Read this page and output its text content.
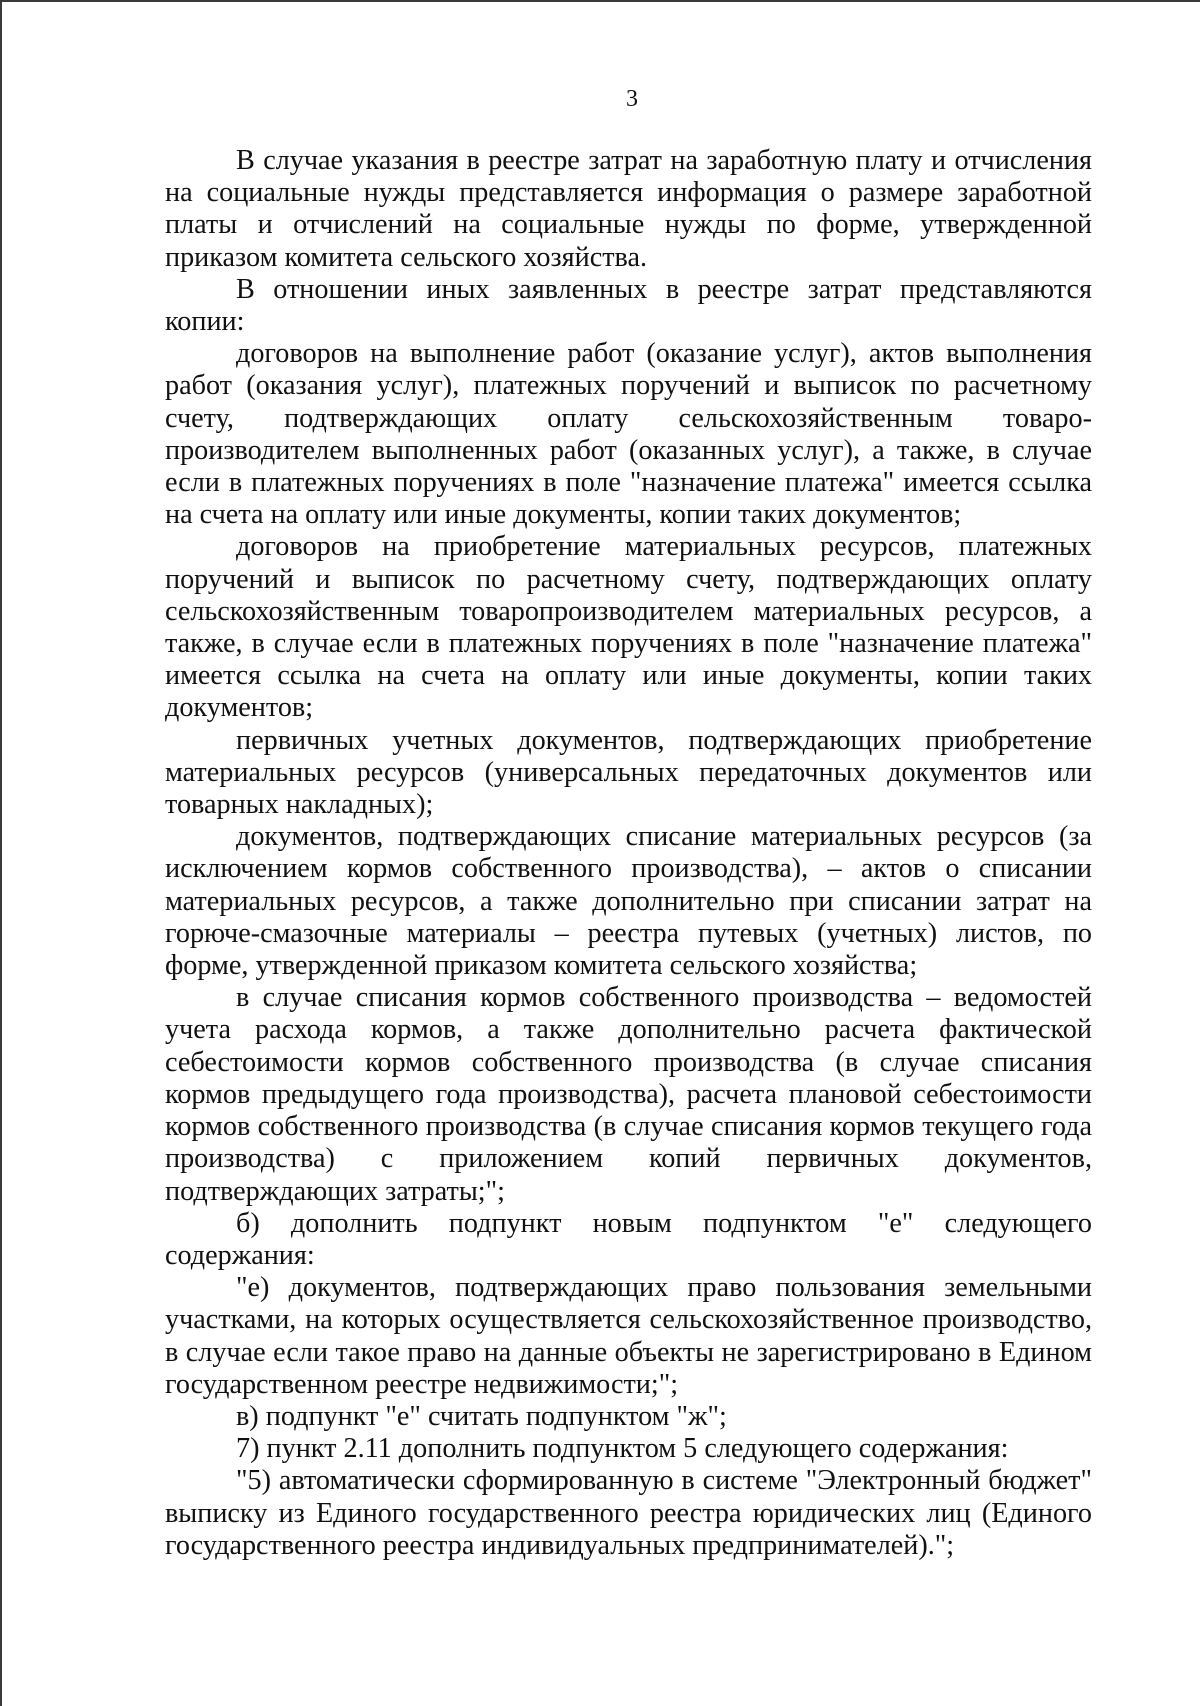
3

В случае указания в реестре затрат на заработную плату и отчисления на социальные нужды представляется информация о размере заработной платы и отчислений на социальные нужды по форме, утвержденной приказом комитета сельского хозяйства.

В отношении иных заявленных в реестре затрат представляются копии:

договоров на выполнение работ (оказание услуг), актов выполнения работ (оказания услуг), платежных поручений и выписок по расчетному счету, подтверждающих оплату сельскохозяйственным товаро-производителем выполненных работ (оказанных услуг), а также, в случае если в платежных поручениях в поле "назначение платежа" имеется ссылка на счета на оплату или иные документы, копии таких документов;

договоров на приобретение материальных ресурсов, платежных поручений и выписок по расчетному счету, подтверждающих оплату сельскохозяйственным товаропроизводителем материальных ресурсов, а также, в случае если в платежных поручениях в поле "назначение платежа" имеется ссылка на счета на оплату или иные документы, копии таких документов;

первичных учетных документов, подтверждающих приобретение материальных ресурсов (универсальных передаточных документов или товарных накладных);

документов, подтверждающих списание материальных ресурсов (за исключением кормов собственного производства), – актов о списании материальных ресурсов, а также дополнительно при списании затрат на горюче-смазочные материалы – реестра путевых (учетных) листов, по форме, утвержденной приказом комитета сельского хозяйства;

в случае списания кормов собственного производства – ведомостей учета расхода кормов, а также дополнительно расчета фактической себестоимости кормов собственного производства (в случае списания кормов предыдущего года производства), расчета плановой себестоимости кормов собственного производства (в случае списания кормов текущего года производства) с приложением копий первичных документов, подтверждающих затраты;";

б) дополнить подпункт новым подпунктом "е" следующего содержания:

"е) документов, подтверждающих право пользования земельными участками, на которых осуществляется сельскохозяйственное производство, в случае если такое право на данные объекты не зарегистрировано в Едином государственном реестре недвижимости;";

в) подпункт "е" считать подпунктом "ж";

7) пункт 2.11 дополнить подпунктом 5 следующего содержания:

"5) автоматически сформированную в системе "Электронный бюджет" выписку из Единого государственного реестра юридических лиц (Единого государственного реестра индивидуальных предпринимателей).";
